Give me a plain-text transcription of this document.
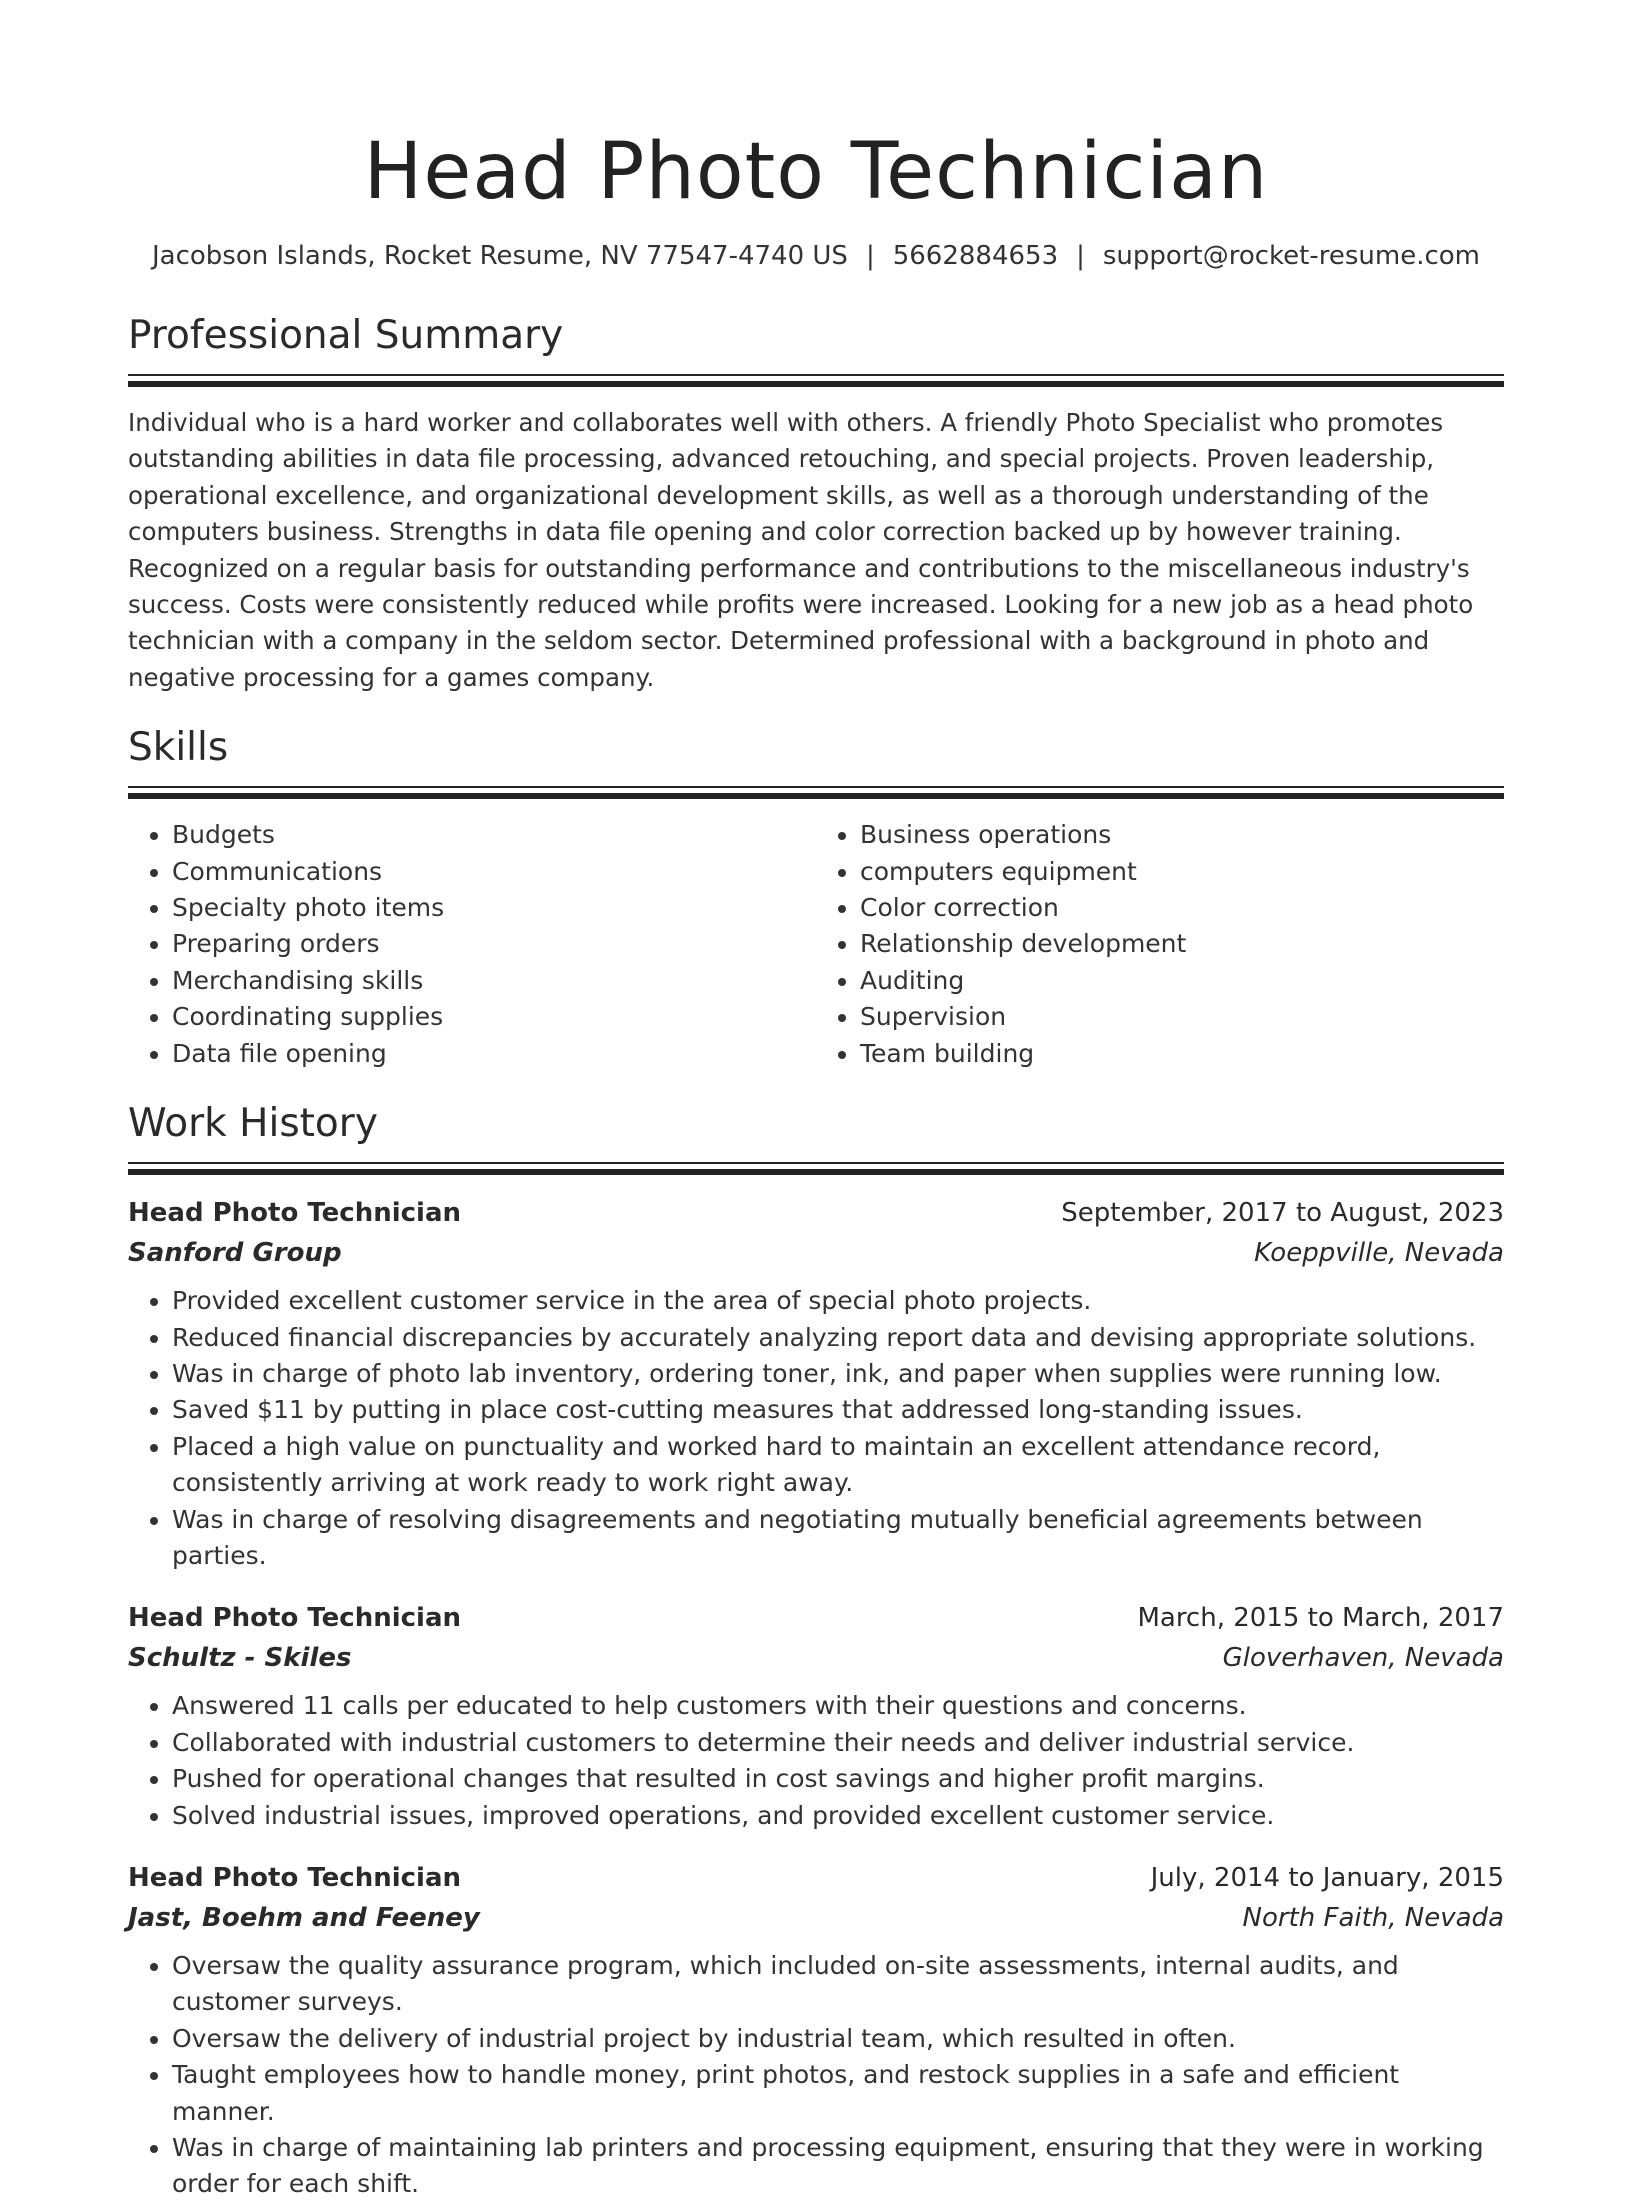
Head Photo Technician
Jacobson Islands, Rocket Resume, NV 77547-4740 US | 5662884653 | support@rocket-resume.com
Professional Summary

Individual who is a hard worker and collaborates well with others. A friendly Photo Specialist who promotes outstanding abilities in data file processing, advanced retouching, and special projects. Proven leadership, operational excellence, and organizational development skills, as well as a thorough understanding of the computers business. Strengths in data file opening and color correction backed up by however training. Recognized on a regular basis for outstanding performance and contributions to the miscellaneous industry's success. Costs were consistently reduced while profits were increased. Looking for a new job as a head photo technician with a company in the seldom sector. Determined professional with a background in photo and negative processing for a games company.

Skills
• Budgets
• Communications
• Specialty photo items
• Preparing orders
• Merchandising skills
• Coordinating supplies
• Data file opening
• Business operations
• computers equipment
• Color correction
• Relationship development
• Auditing
• Supervision
• Team building
Work History
Head Photo Technician	September, 2017 to August, 2023
Sanford Group	Koeppville, Nevada
• Provided excellent customer service in the area of special photo projects.
• Reduced financial discrepancies by accurately analyzing report data and devising appropriate solutions.
• Was in charge of photo lab inventory, ordering toner, ink, and paper when supplies were running low.
• Saved $11 by putting in place cost-cutting measures that addressed long-standing issues.
• Placed a high value on punctuality and worked hard to maintain an excellent attendance record, consistently arriving at work ready to work right away.
• Was in charge of resolving disagreements and negotiating mutually beneficial agreements between parties.
Head Photo Technician	March, 2015 to March, 2017
Schultz - Skiles	Gloverhaven, Nevada
• Answered 11 calls per educated to help customers with their questions and concerns.
• Collaborated with industrial customers to determine their needs and deliver industrial service.
• Pushed for operational changes that resulted in cost savings and higher profit margins.
• Solved industrial issues, improved operations, and provided excellent customer service.
Head Photo Technician	July, 2014 to January, 2015
Jast, Boehm and Feeney	North Faith, Nevada
• Oversaw the quality assurance program, which included on-site assessments, internal audits, and customer surveys.
• Oversaw the delivery of industrial project by industrial team, which resulted in often.
• Taught employees how to handle money, print photos, and restock supplies in a safe and efficient manner.
• Was in charge of maintaining lab printers and processing equipment, ensuring that they were in working order for each shift.
